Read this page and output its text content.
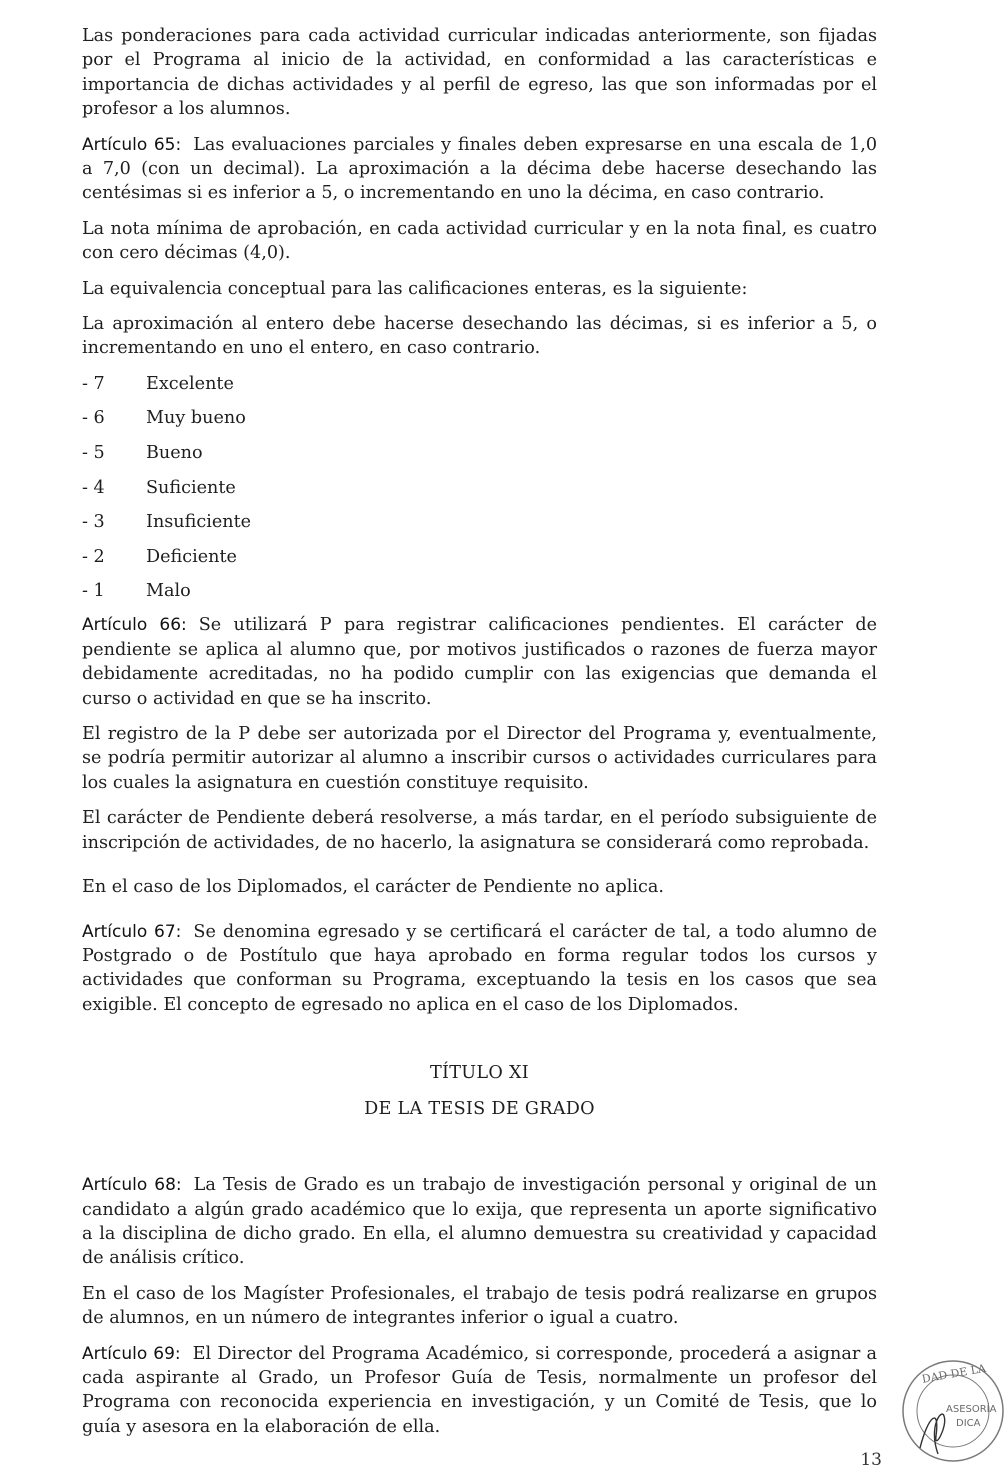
Las ponderaciones para cada actividad curricular indicadas anteriormente, son fijadas por el Programa al inicio de la actividad, en conformidad a las características e importancia de dichas actividades y al perfil de egreso, las que son informadas por el profesor a los alumnos.

Artículo 65: Las evaluaciones parciales y finales deben expresarse en una escala de 1,0 a 7,0 (con un decimal). La aproximación a la décima debe hacerse desechando las centésimas si es inferior a 5, o incrementando en uno la décima, en caso contrario.

La nota mínima de aprobación, en cada actividad curricular y en la nota final, es cuatro con cero décimas (4,0).

La equivalencia conceptual para las calificaciones enteras, es la siguiente:

La aproximación al entero debe hacerse desechando las décimas, si es inferior a 5, o incrementando en uno el entero, en caso contrario.

- 7	Excelente
- 6	Muy bueno
- 5	Bueno
- 4	Suficiente
- 3	Insuficiente
- 2	Deficiente
- 1	Malo

Artículo 66: Se utilizará P para registrar calificaciones pendientes. El carácter de pendiente se aplica al alumno que, por motivos justificados o razones de fuerza mayor debidamente acreditadas, no ha podido cumplir con las exigencias que demanda el curso o actividad en que se ha inscrito.

El registro de la P debe ser autorizada por el Director del Programa y, eventualmente, se podría permitir autorizar al alumno a inscribir cursos o actividades curriculares para los cuales la asignatura en cuestión constituye requisito.

El carácter de Pendiente deberá resolverse, a más tardar, en el período subsiguiente de inscripción de actividades, de no hacerlo, la asignatura se considerará como reprobada.

En el caso de los Diplomados, el carácter de Pendiente no aplica.

Artículo 67: Se denomina egresado y se certificará el carácter de tal, a todo alumno de Postgrado o de Postítulo que haya aprobado en forma regular todos los cursos y actividades que conforman su Programa, exceptuando la tesis en los casos que sea exigible. El concepto de egresado no aplica en el caso de los Diplomados.

TÍTULO XI
DE LA TESIS DE GRADO

Artículo 68: La Tesis de Grado es un trabajo de investigación personal y original de un candidato a algún grado académico que lo exija, que representa un aporte significativo a la disciplina de dicho grado. En ella, el alumno demuestra su creatividad y capacidad de análisis crítico.

En el caso de los Magíster Profesionales, el trabajo de tesis podrá realizarse en grupos de alumnos, en un número de integrantes inferior o igual a cuatro.

Artículo 69: El Director del Programa Académico, si corresponde, procederá a asignar a cada aspirante al Grado, un Profesor Guía de Tesis, normalmente un profesor del Programa con reconocida experiencia en investigación, y un Comité de Tesis, que lo guía y asesora en la elaboración de ella.

13
DAD DE LA
ASESORÍA
DICA
